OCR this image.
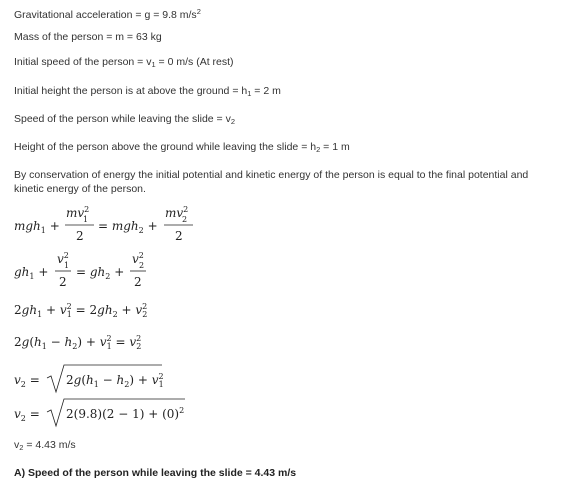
Gravitational acceleration = g = 9.8 $m/s^2$
Mass of the person = m = 63 kg
Initial speed of the person = $v_1 = 0$ m/s (At rest)
Initial height the person is at above the ground = $h_1 = 2$ m
Speed of the person while leaving the slide = $v_2$
Height of the person above the ground while leaving the slide = $h_2 = 1$ m
By conservation of energy the initial potential and kinetic energy of the person is equal to the final potential and kinetic energy of the person.
mgh$_1$ +
$mv^2$
1
2
= mgh$_2$ +
$mv^2$
2
2
$gh_1$ +
$v^2$
1
2
= $gh_2$ +
$v^2$
2
2
$2gh_1 + v^2$ $1 = 2gh_2 + v^2$ 2
$2g(h_1 - h_2) + v^2$ $1 = v^2$ 2
$v_2 = 2g(h_1 - h_2) + v^2$ 1
$v_2 = 2(9.8)(2 - 1) + (0)^2$
$v_2 = 4.43$ m/s
A) Speed of the person while leaving the slide = 4.43 m/s
